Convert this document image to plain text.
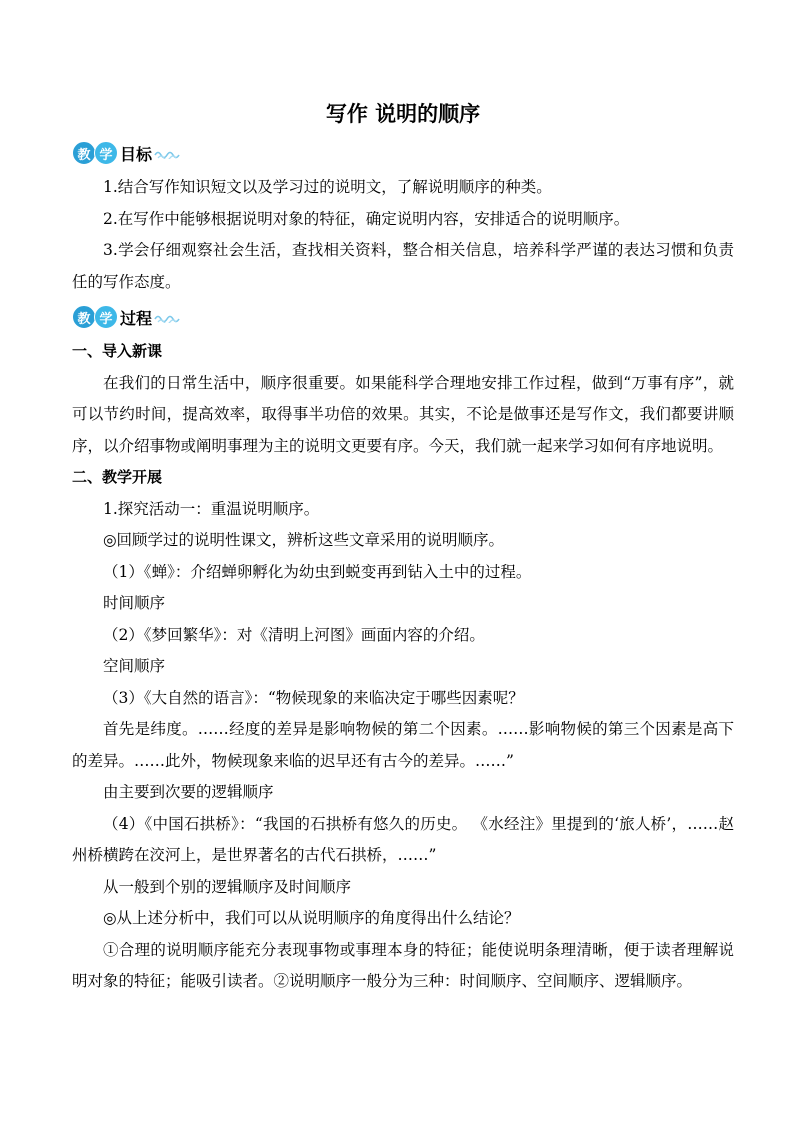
写作 说明的顺序
教 学 目标

1.结合写作知识短文以及学习过的说明文，了解说明顺序的种类。

2.在写作中能够根据说明对象的特征，确定说明内容，安排适合的说明顺序。

3.学会仔细观察社会生活，查找相关资料，整合相关信息，培养科学严谨的表达习惯和负责任的写作态度。

教 学 过程

一、导入新课

在我们的日常生活中，顺序很重要。如果能科学合理地安排工作过程，做到“万事有序”，就可以节约时间，提高效率，取得事半功倍的效果。其实，不论是做事还是写作文，我们都要讲顺序，以介绍事物或阐明事理为主的说明文更要有序。今天，我们就一起来学习如何有序地说明。

二、教学开展

1.探究活动一：重温说明顺序。

◎回顾学过的说明性课文，辨析这些文章采用的说明顺序。

（1）《蝉》：介绍蝉卵孵化为幼虫到蜕变再到钻入土中的过程。

时间顺序

（2）《梦回繁华》：对《清明上河图》画面内容的介绍。

空间顺序

（3）《大自然的语言》：“物候现象的来临决定于哪些因素呢？

首先是纬度。……经度的差异是影响物候的第二个因素。……影响物候的第三个因素是高下的差异。……此外，物候现象来临的迟早还有古今的差异。……”

由主要到次要的逻辑顺序

（4）《中国石拱桥》：“我国的石拱桥有悠久的历史。 《水经注》里提到的‘旅人桥’，……赵州桥横跨在洨河上，是世界著名的古代石拱桥，……”

从一般到个别的逻辑顺序及时间顺序

◎从上述分析中，我们可以从说明顺序的角度得出什么结论？

①合理的说明顺序能充分表现事物或事理本身的特征；能使说明条理清晰，便于读者理解说明对象的特征；能吸引读者。②说明顺序一般分为三种：时间顺序、空间顺序、逻辑顺序。
